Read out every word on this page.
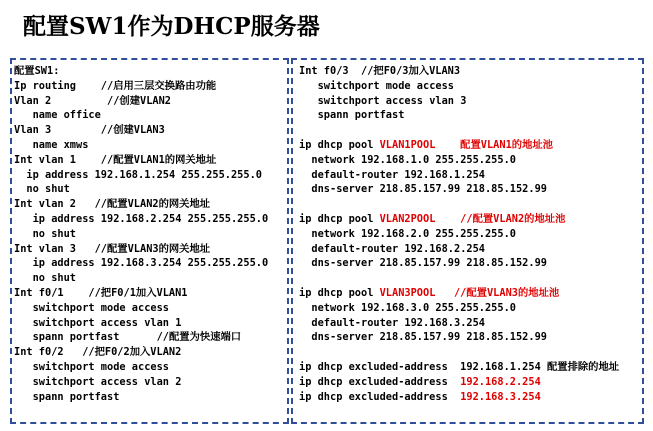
配置SW1作为DHCP服务器
配置SW1:
Ip routing    //启用三层交换路由功能
Vlan 2         //创建VLAN2
name office
Vlan 3        //创建VLAN3
name xmws
Int vlan 1    //配置VLAN1的网关地址
ip address 192.168.1.254 255.255.255.0
no shut
Int vlan 2   //配置VLAN2的网关地址
ip address 192.168.2.254 255.255.255.0
no shut
Int vlan 3   //配置VLAN3的网关地址
ip address 192.168.3.254 255.255.255.0
no shut
Int f0/1    //把F0/1加入VLAN1
switchport mode access
switchport access vlan 1
spann portfast      //配置为快速端口
Int f0/2   //把F0/2加入VLAN2
switchport mode access
switchport access vlan 2
spann portfast
Int f0/3  //把F0/3加入VLAN3
switchport mode access
switchport access vlan 3
spann portfast
ip dhcp pool VLAN1POOL    配置VLAN1的地址池
network 192.168.1.0 255.255.255.0
default-router 192.168.1.254
dns-server 218.85.157.99 218.85.152.99
ip dhcp pool VLAN2POOL    //配置VLAN2的地址池
network 192.168.2.0 255.255.255.0
default-router 192.168.2.254
dns-server 218.85.157.99 218.85.152.99
ip dhcp pool VLAN3POOL   //配置VLAN3的地址池
network 192.168.3.0 255.255.255.0
default-router 192.168.3.254
dns-server 218.85.157.99 218.85.152.99
ip dhcp excluded-address  192.168.1.254 配置排除的地址
ip dhcp excluded-address  192.168.2.254
ip dhcp excluded-address  192.168.3.254
